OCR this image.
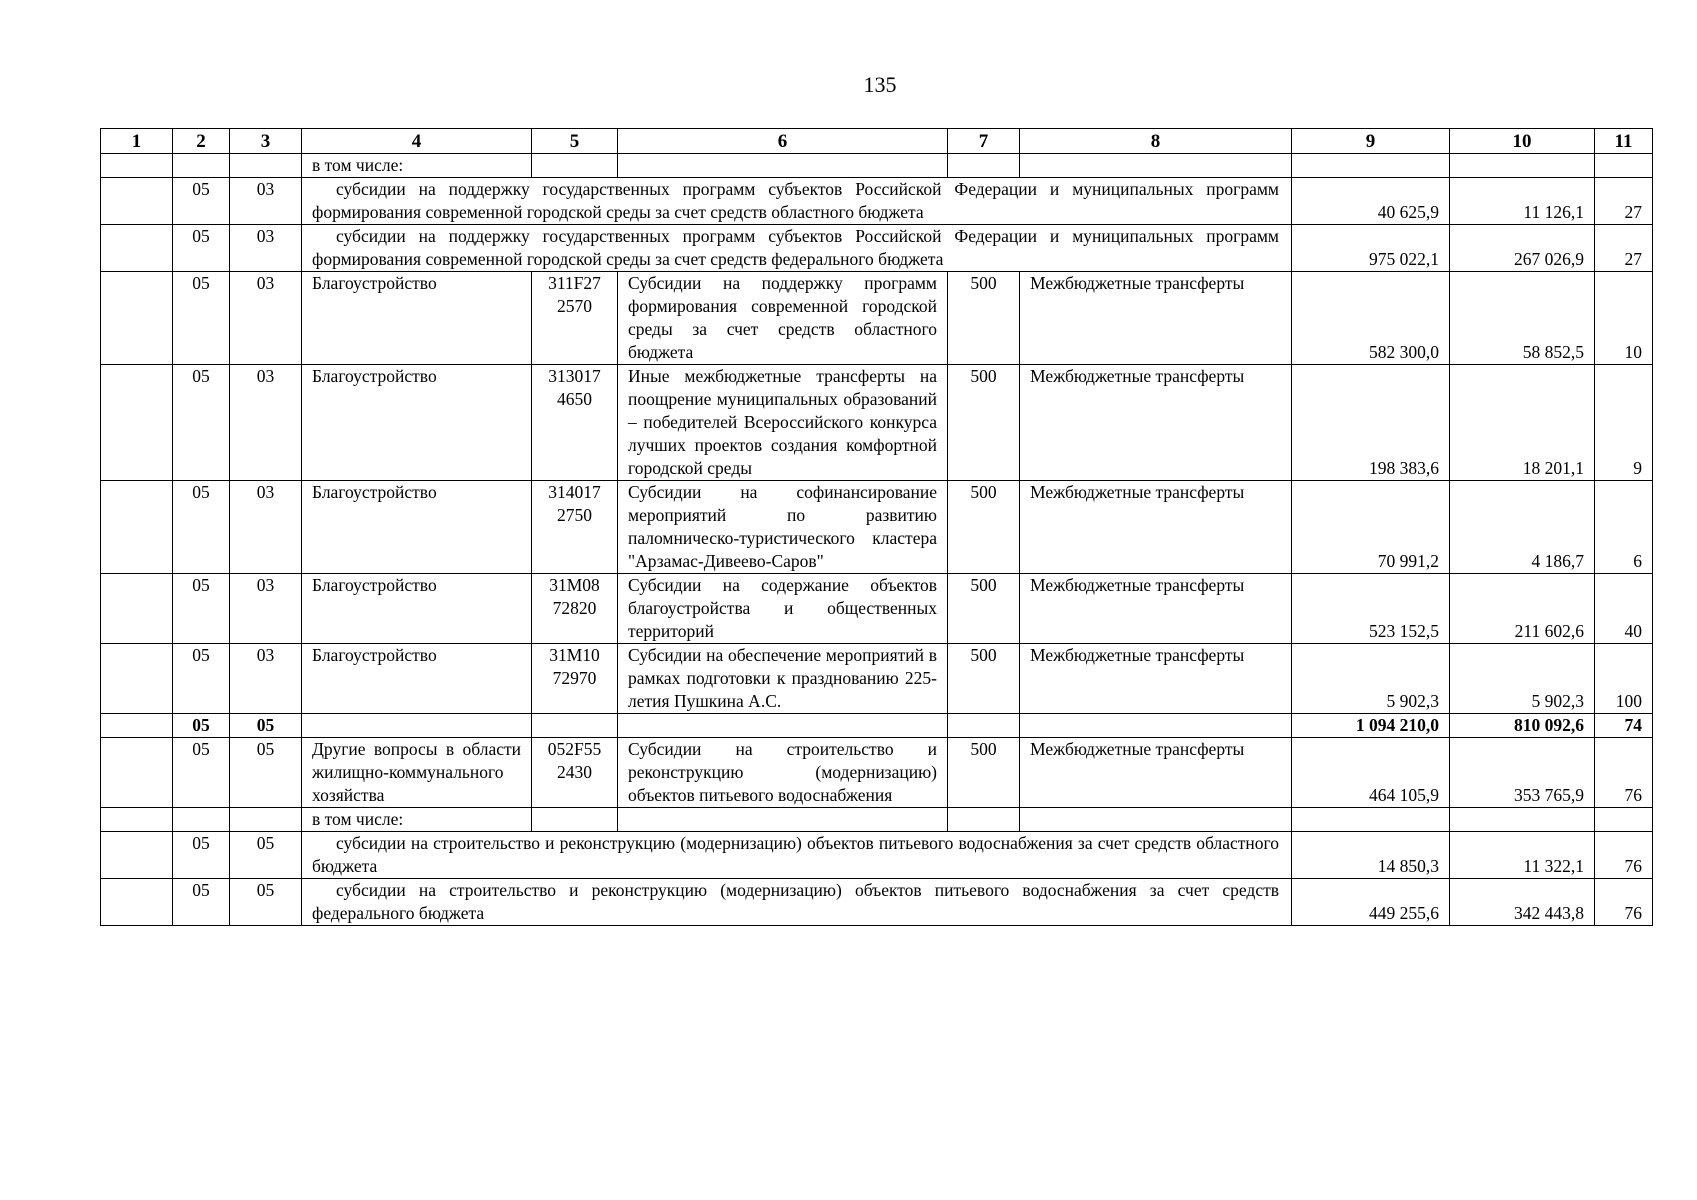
135
1	2	3	4	5	6	7	8	9	10	11
			в том числе:							
	05	03	субсидии на поддержку государственных программ субъектов Российской Федерации и муниципальных программ формирования современной городской среды за счет средств областного бюджета					40 625,9	11 126,1	27
	05	03	субсидии на поддержку государственных программ субъектов Российской Федерации и муниципальных программ формирования современной городской среды за счет средств федерального бюджета					975 022,1	267 026,9	27
	05	03	Благоустройство	311F27 2570	Субсидии на поддержку программ формирования современной городской среды за счет средств областного бюджета	500	Межбюджетные трансферты	582 300,0	58 852,5	10
	05	03	Благоустройство	313017 4650	Иные межбюджетные трансферты на поощрение муниципальных образований – победителей Всероссийского конкурса лучших проектов создания комфортной городской среды	500	Межбюджетные трансферты	198 383,6	18 201,1	9
	05	03	Благоустройство	314017 2750	Субсидии на софинансирование мероприятий по развитию паломническо-туристического кластера "Арзамас-Дивеево-Саров"	500	Межбюджетные трансферты	70 991,2	4 186,7	6
	05	03	Благоустройство	31М08 72820	Субсидии на содержание объектов благоустройства и общественных территорий	500	Межбюджетные трансферты	523 152,5	211 602,6	40
	05	03	Благоустройство	31М10 72970	Субсидии на обеспечение мероприятий в рамках подготовки к празднованию 225-летия Пушкина А.С.	500	Межбюджетные трансферты	5 902,3	5 902,3	100
	05	05						1 094 210,0	810 092,6	74
	05	05	Другие вопросы в области жилищно-коммунального хозяйства	052F55 2430	Субсидии на строительство и реконструкцию (модернизацию) объектов питьевого водоснабжения	500	Межбюджетные трансферты	464 105,9	353 765,9	76
			в том числе:							
	05	05	субсидии на строительство и реконструкцию (модернизацию) объектов питьевого водоснабжения за счет средств областного бюджета					14 850,3	11 322,1	76
	05	05	субсидии на строительство и реконструкцию (модернизацию) объектов питьевого водоснабжения за счет средств федерального бюджета					449 255,6	342 443,8	76
